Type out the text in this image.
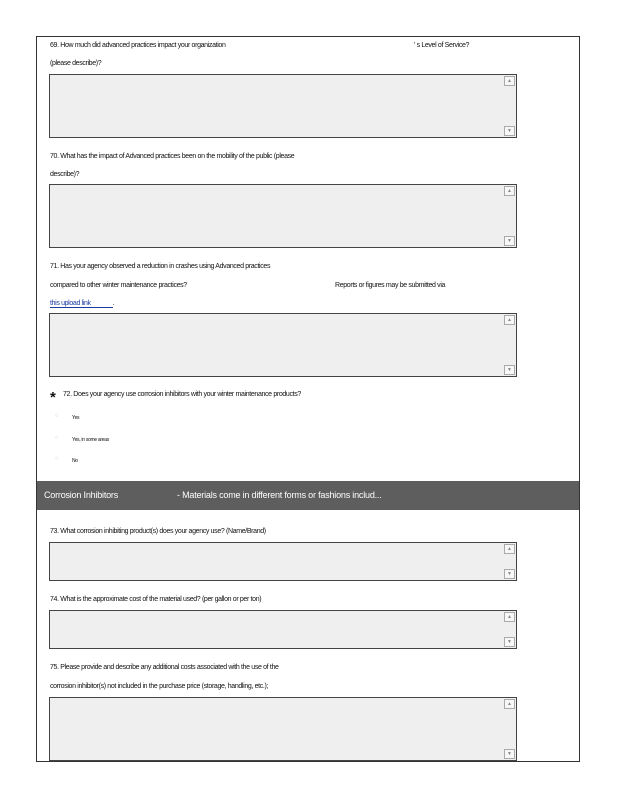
69. How much did advanced practices impact your organization	' s Level of Service?
(please describe)?
▲
▼
70. What has the impact of Advanced practices been on the mobility of the public (please
describe)?
▲
▼
71. Has your agency observed a reduction in crashes using Advanced practices
compared to other winter maintenance practices?	Reports or figures may be submitted via
this upload link	.
▲
▼
* 72. Does your agency use corrosion inhibitors with your winter maintenance products?
◌	Yes
◌	Yes, in some areas
◌	No
Corrosion Inhibitors	- Materials come in different forms or fashions includ...
73. What corrosion inhibiting product(s) does your agency use? (Name/Brand)
▲
▼
74. What is the approximate cost of the material used? (per gallon or per ton)
▲
▼
75. Please provide and describe any additional costs associated with the use of the
corrosion inhibitor(s) not included in the purchase price (storage, handling, etc.);
▲
▼
